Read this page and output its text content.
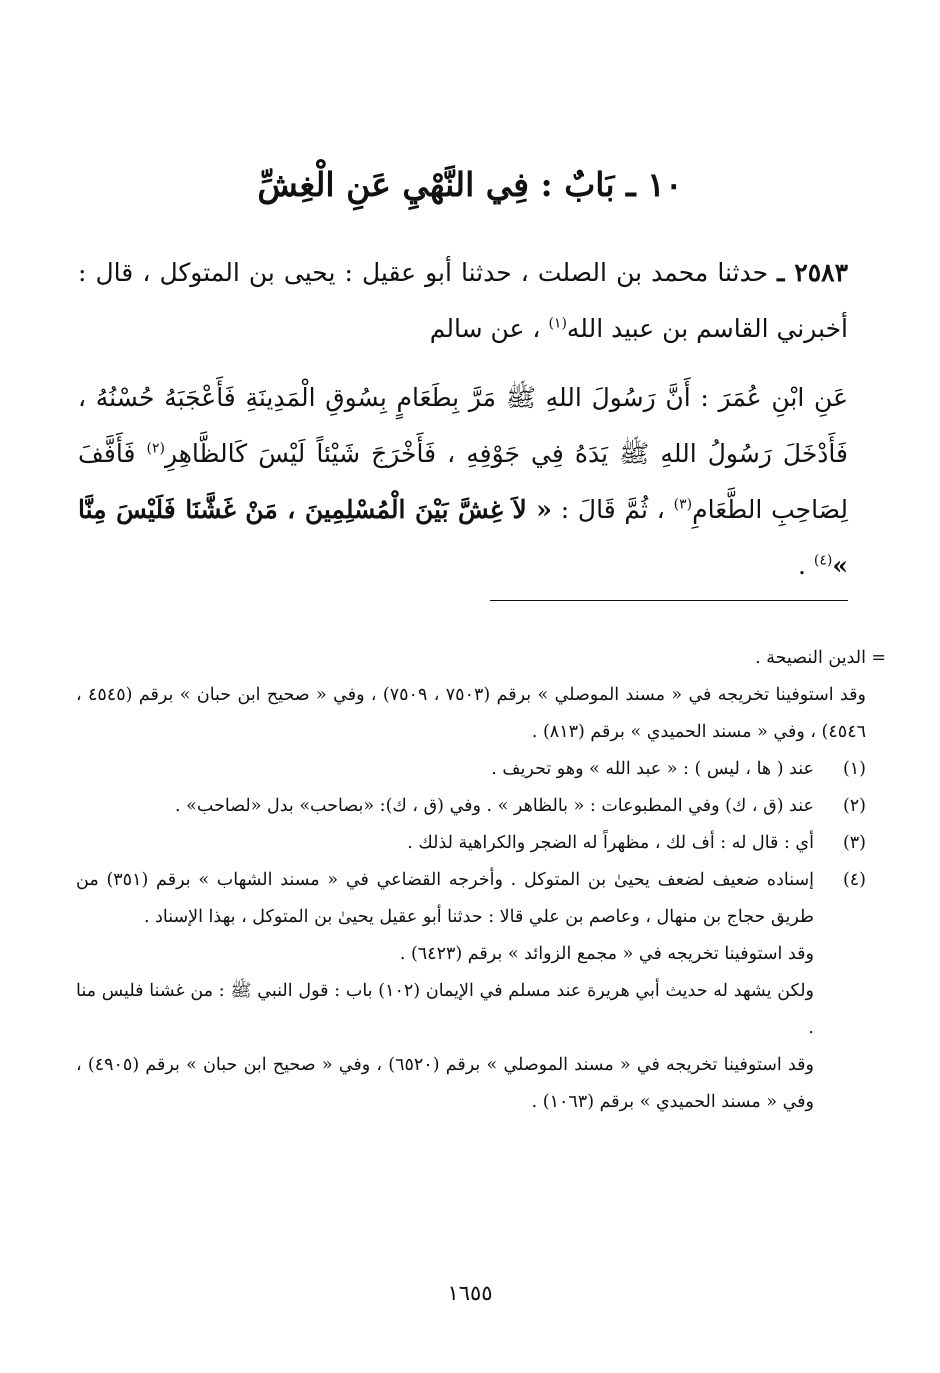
١٠ ـ بَابٌ : فِي النَّهْيِ عَنِ الْغِشِّ
٢٥٨٣ ـ حدثنا محمد بن الصلت ، حدثنا أبو عقيل : يحيى بن المتوكل ، قال : أخبرني القاسم بن عبيد الله$^{(١)}$ ، عن سالم
عَنِ ابْنِ عُمَرَ : أَنَّ رَسُولَ اللهِ ﷺ مَرَّ بِطَعَامٍ بِسُوقِ الْمَدِينَةِ فَأَعْجَبَهُ حُسْنُهُ ، فَأَدْخَلَ رَسُولُ اللهِ ﷺ يَدَهُ فِي جَوْفِهِ ، فَأَخْرَجَ شَيْئاً لَيْسَ كَالظَّاهِرِ$^{(٢)}$ فَأَفَّفَ لِصَاحِبِ الطَّعَامِ$^{(٣)}$ ، ثُمَّ قَالَ : « لاَ غِشَّ بَيْنَ الْمُسْلِمِينَ ، مَنْ غَشَّنَا فَلَيْسَ مِنَّا »$^{(٤)}$ .
=
الدين النصيحة .
وقد استوفينا تخريجه في « مسند الموصلي » برقم (٧٥٠٣ ، ٧٥٠٩) ، وفي « صحيح ابن حبان » برقم (٤٥٤٥ ، ٤٥٤٦) ، وفي « مسند الحميدي » برقم (٨١٣) .
(١)
عند ( ها ، ليس ) : « عبد الله » وهو تحريف .
(٢)
عند (ق ، ك) وفي المطبوعات : « بالظاهر » . وفي (ق ، ك): «بصاحب» بدل «لصاحب» .
(٣)
أي : قال له : أف لك ، مظهراً له الضجر والكراهية لذلك .
(٤)
إسناده ضعيف لضعف يحيىٰ بن المتوكل . وأخرجه القضاعي في « مسند الشهاب » برقم (٣٥١) من طريق حجاج بن منهال ، وعاصم بن علي قالا : حدثنا أبو عقيل يحيىٰ بن المتوكل ، بهذا الإسناد .
وقد استوفينا تخريجه في « مجمع الزوائد » برقم (٦٤٢٣) .
ولكن يشهد له حديث أبي هريرة عند مسلم في الإيمان (١٠٢) باب : قول النبي ﷺ : من غشنا فليس منا .
وقد استوفينا تخريجه في « مسند الموصلي » برقم (٦٥٢٠) ، وفي « صحيح ابن حبان » برقم (٤٩٠٥) ، وفي « مسند الحميدي » برقم (١٠٦٣) .
١٦٥٥
